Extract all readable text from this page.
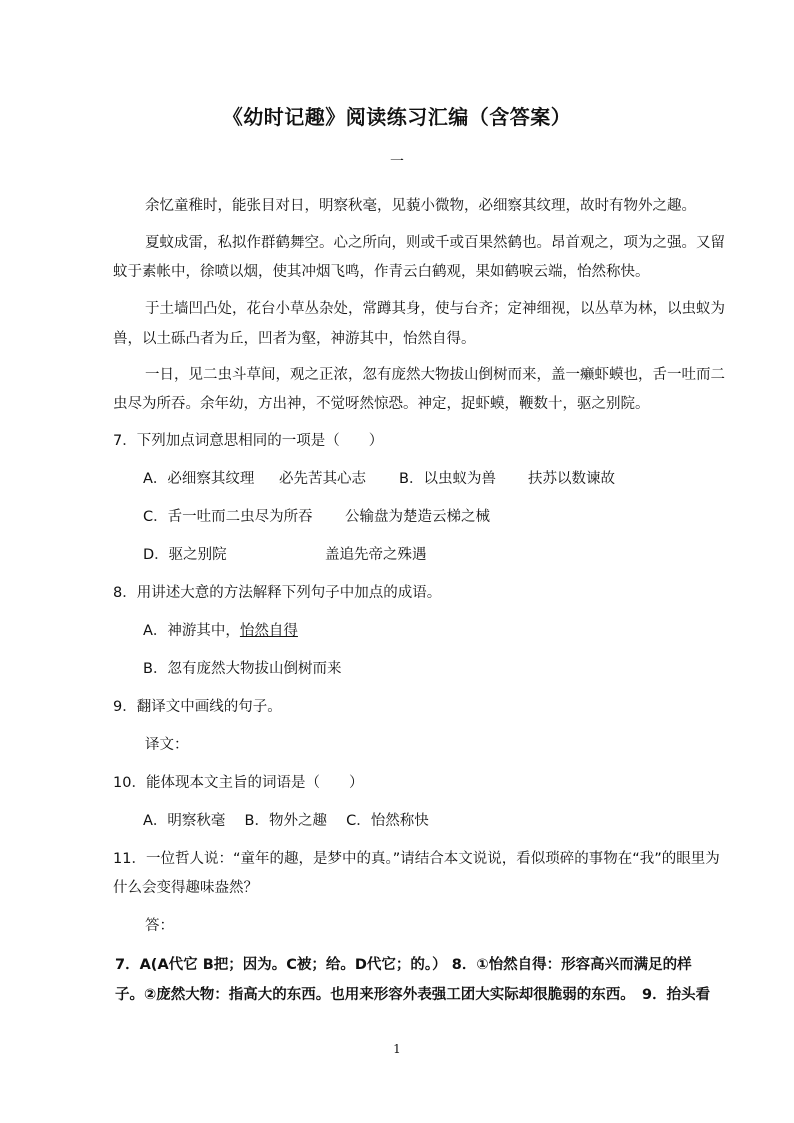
《幼时记趣》阅读练习汇编（含答案）
一

余忆童稚时，能张目对日，明察秋毫，见藐小微物，必细察其纹理，故时有物外之趣。

夏蚊成雷，私拟作群鹤舞空。心之所向，则或千或百果然鹤也。昂首观之，项为之强。又留

蚊于素帐中，徐喷以烟，使其冲烟飞鸣，作青云白鹤观，果如鹤唳云端，怡然称快。

于土墙凹凸处，花台小草丛杂处，常蹲其身，使与台齐；定神细视，以丛草为林，以虫蚁为

兽，以土砾凸者为丘，凹者为壑，神游其中，怡然自得。

一日，见二虫斗草间，观之正浓，忽有庞然大物拔山倒树而来，盖一癞虾蟆也，舌一吐而二

虫尽为所吞。余年幼，方出神，不觉呀然惊恐。神定，捉虾蟆，鞭数十，驱之别院。

7．下列加点词意思相同的一项是（　　）

A．必细察其纹理 必先苦其心志 B．以虫蚁为兽 扶苏以数谏故

C．舌一吐而二虫尽为所吞 公输盘为楚造云梯之械

D．驱之别院	盖追先帝之殊遇

8．用讲述大意的方法解释下列句子中加点的成语。

A．神游其中，怡然自得

B．忽有庞然大物拔山倒树而来

9．翻译文中画线的句子。

译文：

10．能体现本文主旨的词语是（　　）

A．明察秋毫　 B．物外之趣　 C．怡然称快

11．一位哲人说：“童年的趣，是梦中的真。”请结合本文说说，看似琐碎的事物在“我”的眼里为

什么会变得趣味盎然？

答：

7．A(A代它 B把；因为。C被；给。D代它；的。） 8．①怡然自得：形容高兴而满足的样

子。②庞然大物：指高大的东西。也用来形容外表强工团大实际却很脆弱的东西。　9．抬头看

1
